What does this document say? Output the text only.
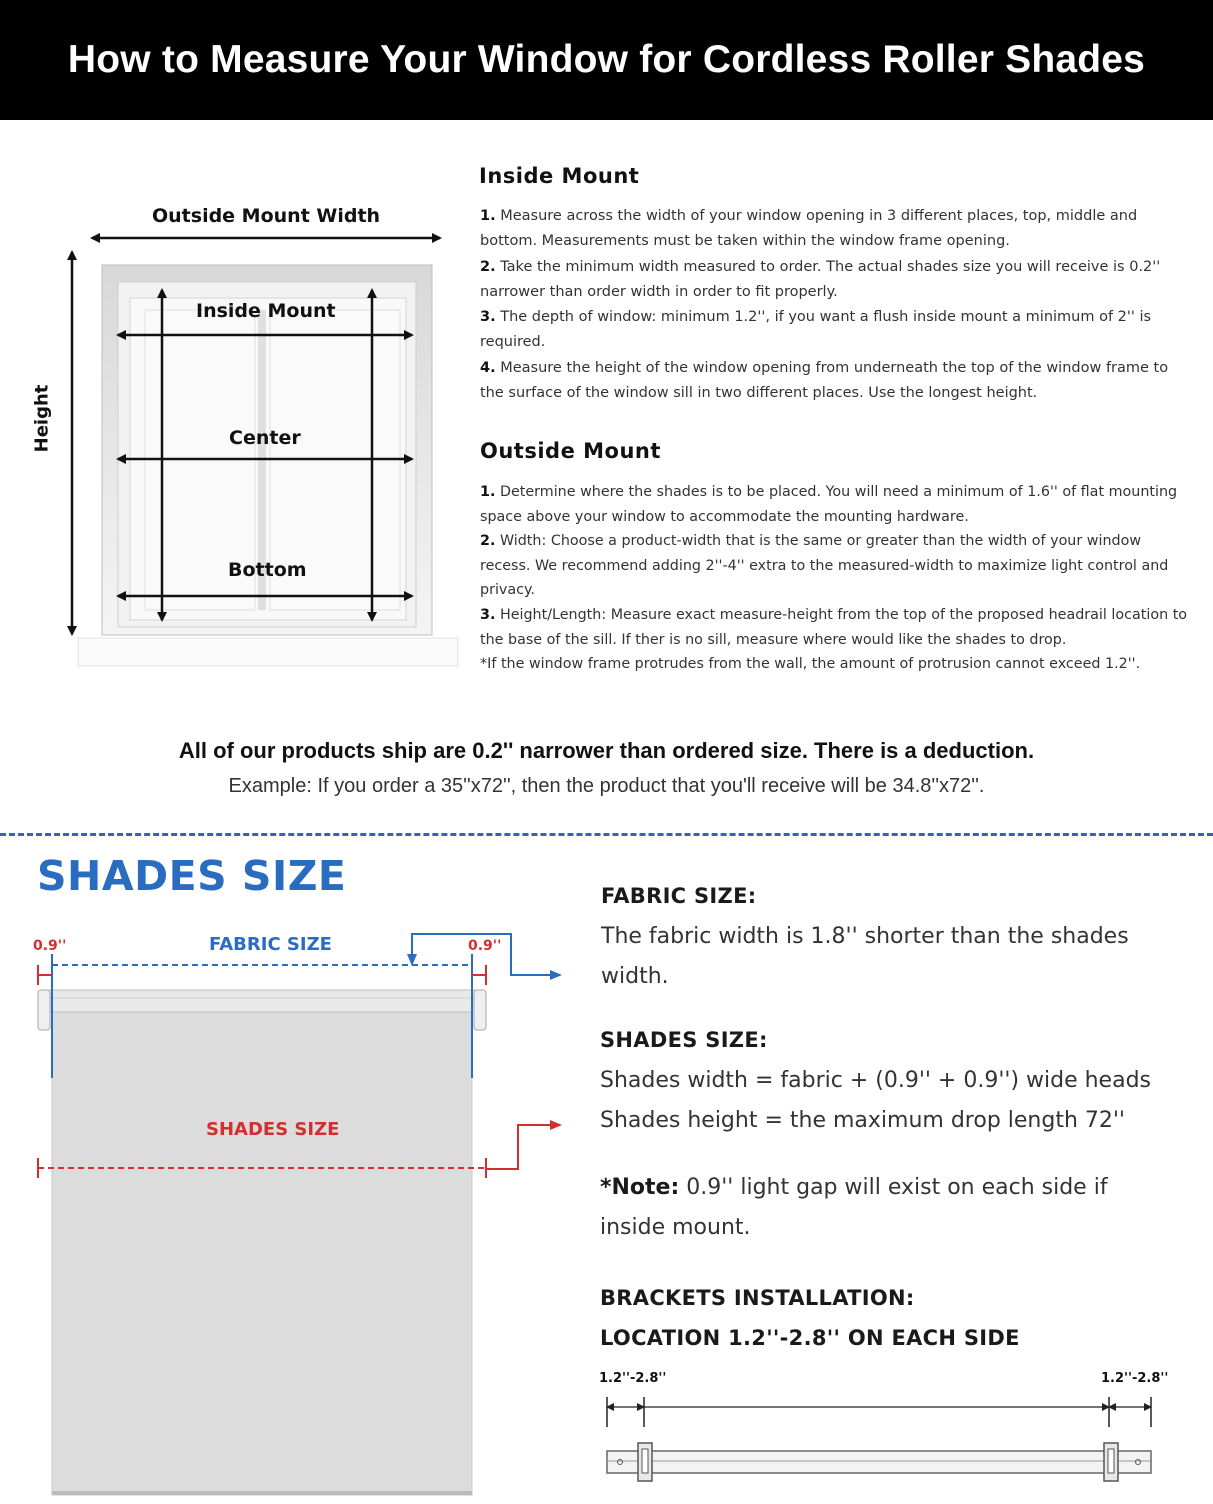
How to Measure Your Window for Cordless Roller Shades
Outside Mount Width
Inside Mount
Center
Bottom
Height
Inside Mount

1. Measure across the width of your window opening in 3 different places, top, middle and bottom. Measurements must be taken within the window frame opening.

2. Take the minimum width measured to order. The actual shades size you will receive is 0.2'' narrower than order width in order to fit properly.

3. The depth of window: minimum 1.2'', if you want a flush inside mount a minimum of 2'' is required.

4. Measure the height of the window opening from underneath the top of the window frame to the surface of the window sill in two different places. Use the longest height.

Outside Mount

1. Determine where the shades is to be placed. You will need a minimum of 1.6'' of flat mounting space above your window to accommodate the mounting hardware.

2. Width: Choose a product-width that is the same or greater than the width of your window recess. We recommend adding 2''-4'' extra to the measured-width to maximize light control and privacy.

3. Height/Length: Measure exact measure-height from the top of the proposed headrail location to the base of the sill. If ther is no sill, measure where would like the shades to drop.

*If the window frame protrudes from the wall, the amount of protrusion cannot exceed 1.2''.

All of our products ship are 0.2'' narrower than ordered size. There is a deduction.
Example: If you order a 35''x72'', then the product that you'll receive will be 34.8''x72''.
SHADES SIZE
0.9''	0.9''
FABRIC SIZE
SHADES SIZE
FABRIC SIZE:
The fabric width is 1.8'' shorter than the shades
width.
SHADES SIZE:
Shades width = fabric + (0.9'' + 0.9'') wide heads
Shades height = the maximum drop length 72''
*Note: 0.9'' light gap will exist on each side if
inside mount.
BRACKETS INSTALLATION:
LOCATION 1.2''-2.8'' ON EACH SIDE
1.2''-2.8''	1.2''-2.8''
